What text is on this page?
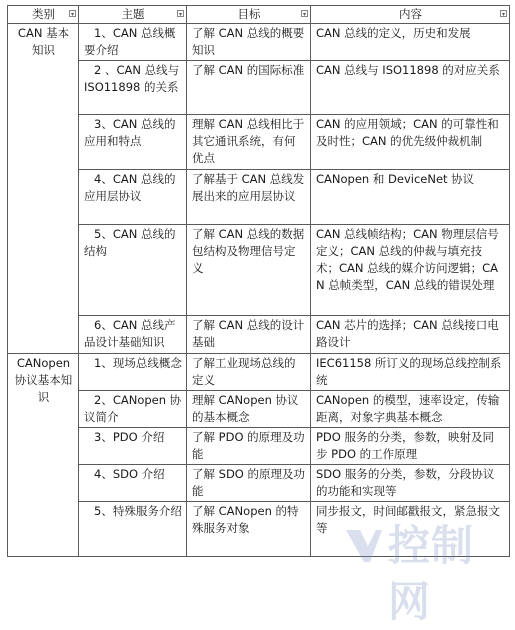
类别 ▾	主题 ▾	目标 ▾	内容 ▾

CAN 基本知识	1、CAN 总线概要介绍	了解 CAN 总线的概要知识	CAN 总线的定义，历史和发展
	2 、CAN 总线与 ISO11898 的关系	了解 CAN 的国际标准	CAN 总线与 ISO11898 的对应关系
	3、CAN 总线的应用和特点	理解 CAN 总线相比于其它通讯系统，有何优点	CAN 的应用领域；CAN 的可靠性和及时性；CAN 的优先级仲裁机制
	4、CAN 总线的应用层协议	了解基于 CAN 总线发展出来的应用层协议	CANopen 和 DeviceNet 协议
	5、CAN 总线的结构	了解 CAN 总线的数据包结构及物理信号定义	CAN 总线帧结构；CAN 物理层信号定义；CAN 总线的仲裁与填充技术；CAN 总线的媒介访问逻辑；CAN 总帧类型，CAN 总线的错误处理
	6、CAN 总线产品设计基础知识	了解 CAN 总线的设计基础	CAN 芯片的选择；CAN 总线接口电路设计
CANopen 协议基本知识	1、现场总线概念	了解工业现场总线的定义	IEC61158 所订义的现场总线控制系统
	2、CANopen 协议简介	理解 CANopen 协议的基本概念	CANopen 的模型，速率设定，传输距离，对象字典基本概念
	3、PDO 介绍	了解 PDO 的原理及功能	PDO 服务的分类，参数，映射及同步 PDO 的工作原理
	4、SDO 介绍	了解 SDO 的原理及功能	SDO 服务的分类，参数，分段协议的功能和实现等
	5、特殊服务介绍	了解 CANopen 的特殊服务对象	同步报文，时间邮戳报文，紧急报文等 控制网
